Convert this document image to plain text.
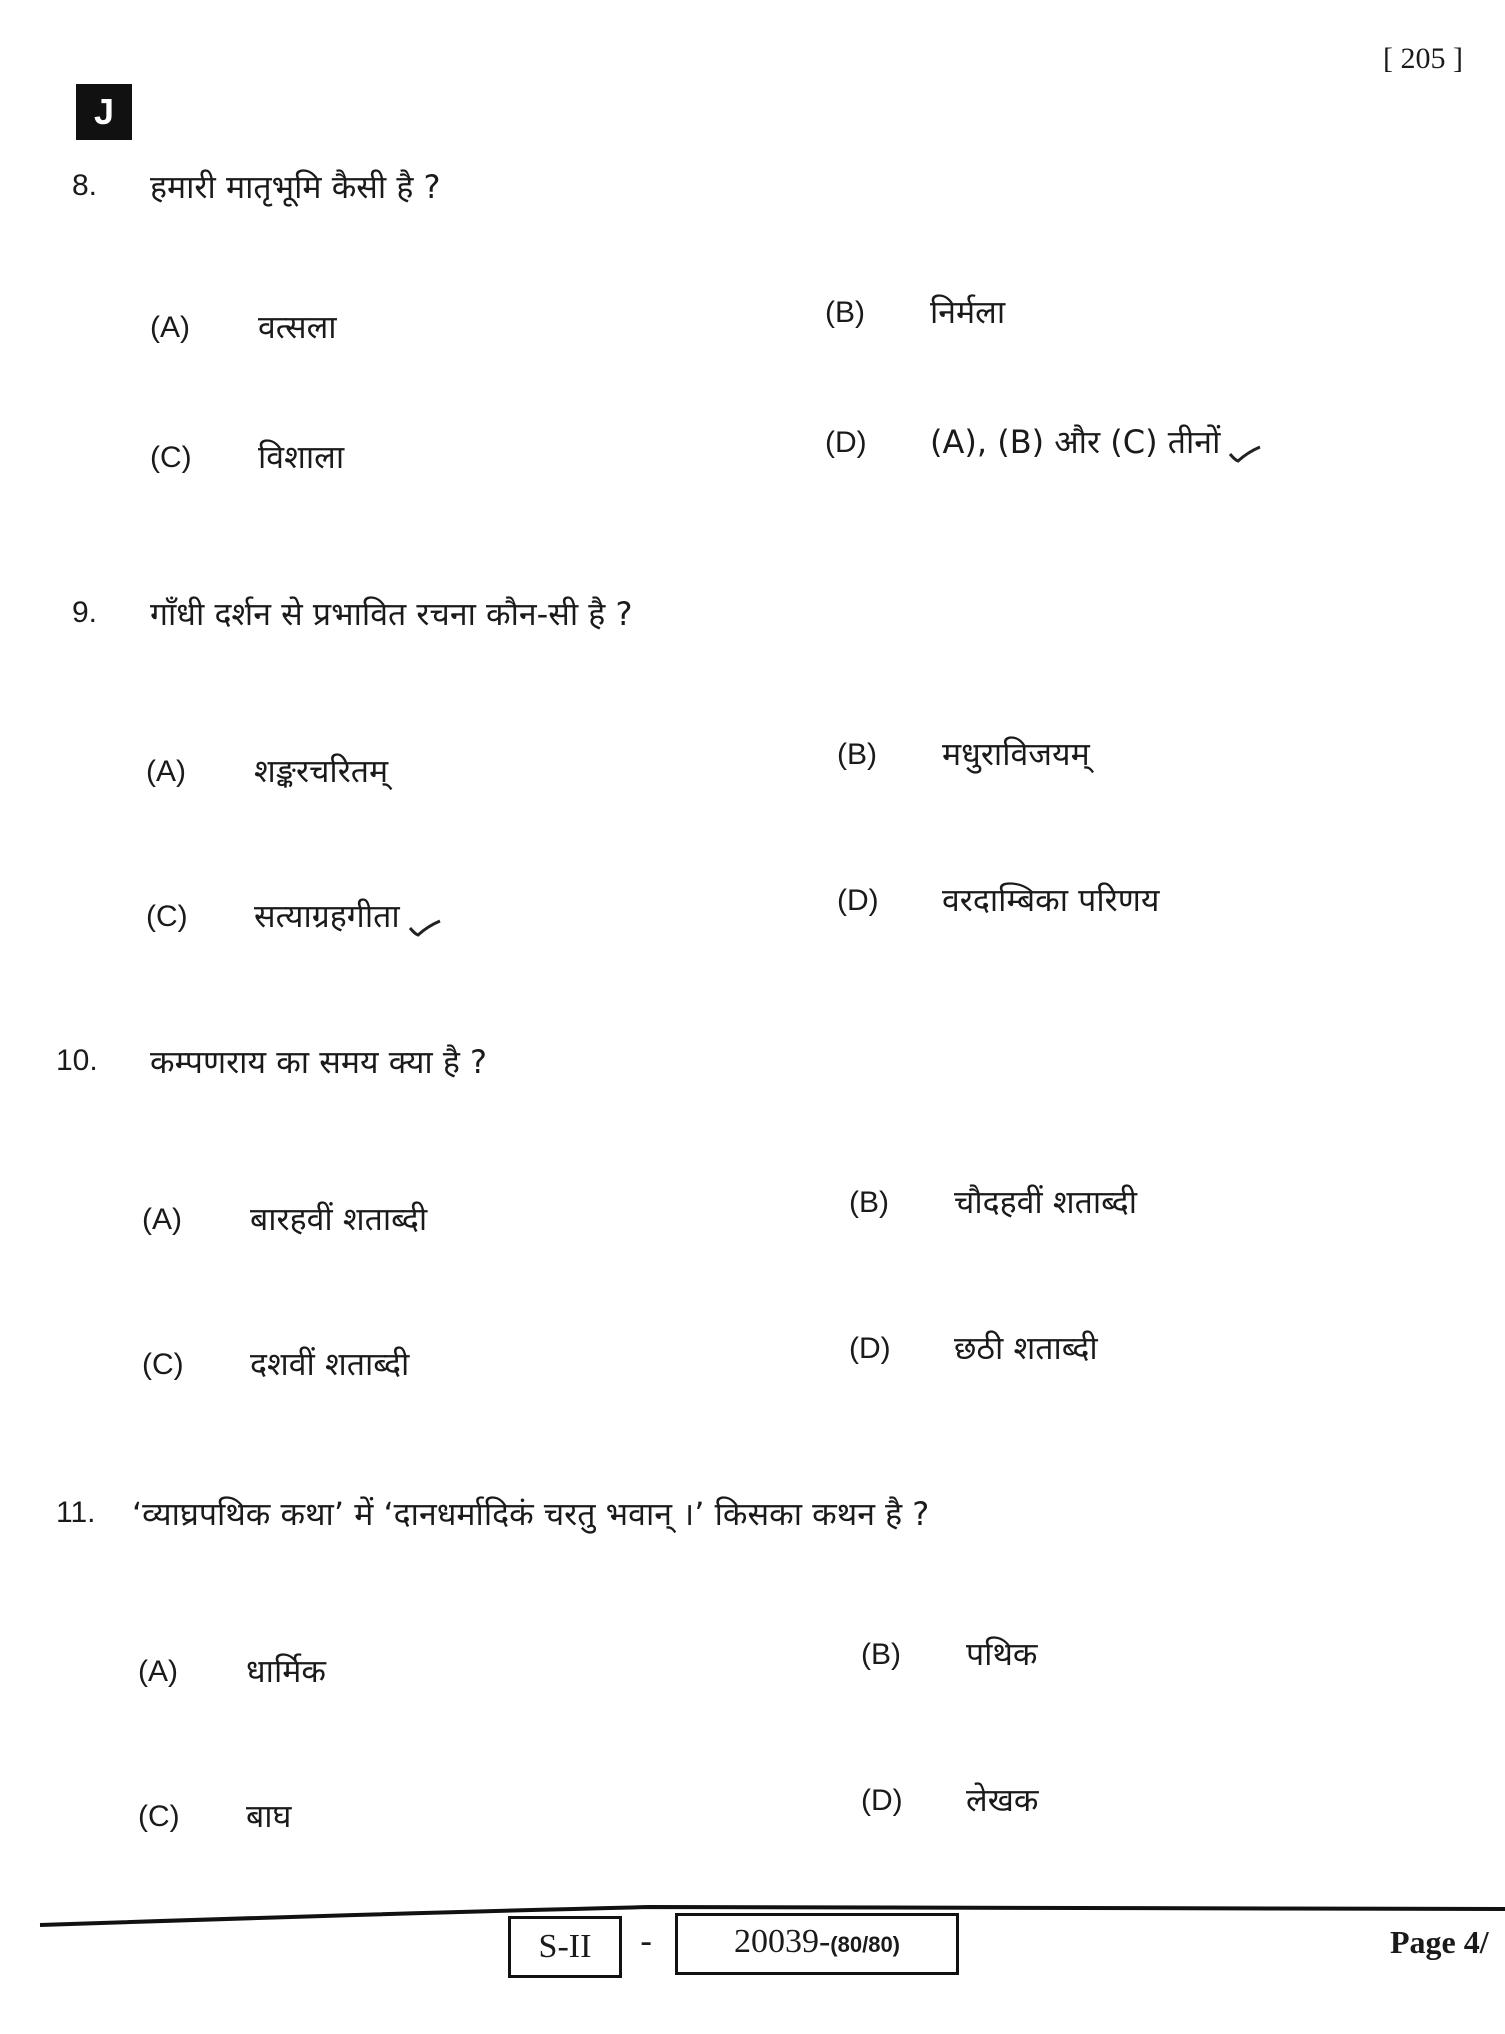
[ 205 ]
J
8. हमारी मातृभूमि कैसी है ?
(A) वत्सला	(B) निर्मला
(C) विशाला	(D) (A), (B) और (C) तीनों
9. गाँधी दर्शन से प्रभावित रचना कौन-सी है ?
(A) शङ्करचरितम्	(B) मधुराविजयम्
(C) सत्याग्रहगीता	(D) वरदाम्बिका परिणय
10. कम्पणराय का समय क्या है ?
(A) बारहवीं शताब्दी	(B) चौदहवीं शताब्दी
(C) दशवीं शताब्दी	(D) छठी शताब्दी
11. ‘व्याघ्रपथिक कथा’ में ‘दानधर्मादिकं चरतु भवान् ।’ किसका कथन है ?
(A) धार्मिक	(B) पथिक
(C) बाघ	(D) लेखक
S-II	-	20039-(80/80)	Page 4/
